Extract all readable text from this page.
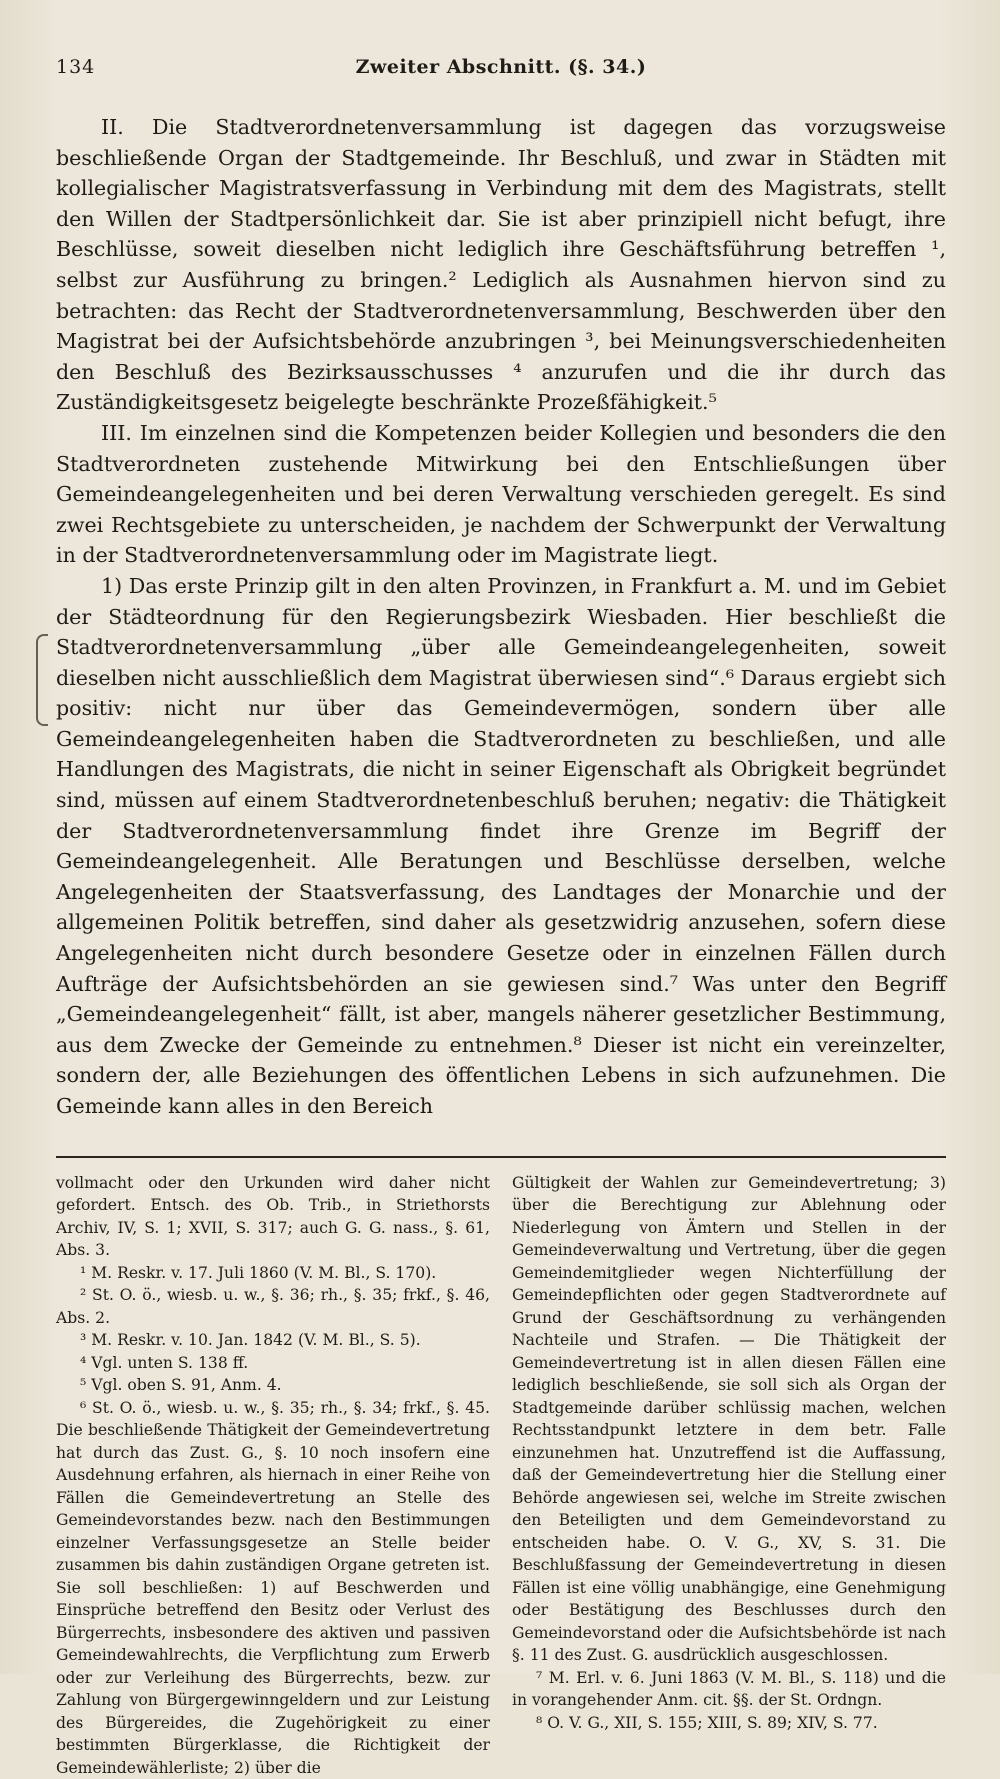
134	Zweiter Abschnitt. (§. 34.)

II. Die Stadtverordnetenversammlung ist dagegen das vorzugsweise beschließende Organ der Stadtgemeinde. Ihr Beschluß, und zwar in Städten mit kollegialischer Magistratsverfassung in Verbindung mit dem des Magistrats, stellt den Willen der Stadtpersönlichkeit dar. Sie ist aber prinzipiell nicht befugt, ihre Beschlüsse, soweit dieselben nicht lediglich ihre Geschäftsführung betreffen ¹, selbst zur Ausführung zu bringen.² Lediglich als Ausnahmen hiervon sind zu betrachten: das Recht der Stadtverordnetenversammlung, Beschwerden über den Magistrat bei der Aufsichtsbehörde anzubringen ³, bei Meinungsverschiedenheiten den Beschluß des Bezirksausschusses ⁴ anzurufen und die ihr durch das Zuständigkeitsgesetz beigelegte beschränkte Prozeßfähigkeit.⁵

III. Im einzelnen sind die Kompetenzen beider Kollegien und besonders die den Stadtverordneten zustehende Mitwirkung bei den Entschließungen über Gemeindeangelegenheiten und bei deren Verwaltung verschieden geregelt. Es sind zwei Rechtsgebiete zu unterscheiden, je nachdem der Schwerpunkt der Verwaltung in der Stadtverordnetenversammlung oder im Magistrate liegt.

1) Das erste Prinzip gilt in den alten Provinzen, in Frankfurt a. M. und im Gebiet der Städteordnung für den Regierungsbezirk Wiesbaden. Hier beschließt die Stadtverordnetenversammlung „über alle Gemeindeangelegenheiten, soweit dieselben nicht ausschließlich dem Magistrat überwiesen sind“.⁶ Daraus ergiebt sich positiv: nicht nur über das Gemeindevermögen, sondern über alle Gemeindeangelegenheiten haben die Stadtverordneten zu beschließen, und alle Handlungen des Magistrats, die nicht in seiner Eigenschaft als Obrigkeit begründet sind, müssen auf einem Stadtverordnetenbeschluß beruhen; negativ: die Thätigkeit der Stadtverordnetenversammlung findet ihre Grenze im Begriff der Gemeindeangelegenheit. Alle Beratungen und Beschlüsse derselben, welche Angelegenheiten der Staatsverfassung, des Landtages der Monarchie und der allgemeinen Politik betreffen, sind daher als gesetzwidrig anzusehen, sofern diese Angelegenheiten nicht durch besondere Gesetze oder in einzelnen Fällen durch Aufträge der Aufsichtsbehörden an sie gewiesen sind.⁷ Was unter den Begriff „Gemeindeangelegenheit“ fällt, ist aber, mangels näherer gesetzlicher Bestimmung, aus dem Zwecke der Gemeinde zu entnehmen.⁸ Dieser ist nicht ein vereinzelter, sondern der, alle Beziehungen des öffentlichen Lebens in sich aufzunehmen. Die Gemeinde kann alles in den Bereich

vollmacht oder den Urkunden wird daher nicht gefordert. Entsch. des Ob. Trib., in Striethorsts Archiv, IV, S. 1; XVII, S. 317; auch G. G. nass., §. 61, Abs. 3.

¹ M. Reskr. v. 17. Juli 1860 (V. M. Bl., S. 170).

² St. O. ö., wiesb. u. w., §. 36; rh., §. 35; frkf., §. 46, Abs. 2.

³ M. Reskr. v. 10. Jan. 1842 (V. M. Bl., S. 5).

⁴ Vgl. unten S. 138 ff.

⁵ Vgl. oben S. 91, Anm. 4.

⁶ St. O. ö., wiesb. u. w., §. 35; rh., §. 34; frkf., §. 45. Die beschließende Thätigkeit der Gemeindevertretung hat durch das Zust. G., §. 10 noch insofern eine Ausdehnung erfahren, als hiernach in einer Reihe von Fällen die Gemeindevertretung an Stelle des Gemeindevorstandes bezw. nach den Bestimmungen einzelner Verfassungsgesetze an Stelle beider zusammen bis dahin zuständigen Organe getreten ist. Sie soll beschließen: 1) auf Beschwerden und Einsprüche betreffend den Besitz oder Verlust des Bürgerrechts, insbesondere des aktiven und passiven Gemeindewahlrechts, die Verpflichtung zum Erwerb oder zur Verleihung des Bürgerrechts, bezw. zur Zahlung von Bürgergewinngeldern und zur Leistung des Bürgereides, die Zugehörigkeit zu einer bestimmten Bürgerklasse, die Richtigkeit der Gemeindewählerliste; 2) über die

Gültigkeit der Wahlen zur Gemeindevertretung; 3) über die Berechtigung zur Ablehnung oder Niederlegung von Ämtern und Stellen in der Gemeindeverwaltung und Vertretung, über die gegen Gemeindemitglieder wegen Nichterfüllung der Gemeindepflichten oder gegen Stadtverordnete auf Grund der Geschäftsordnung zu verhängenden Nachteile und Strafen. — Die Thätigkeit der Gemeindevertretung ist in allen diesen Fällen eine lediglich beschließende, sie soll sich als Organ der Stadtgemeinde darüber schlüssig machen, welchen Rechtsstandpunkt letztere in dem betr. Falle einzunehmen hat. Unzutreffend ist die Auffassung, daß der Gemeindevertretung hier die Stellung einer Behörde angewiesen sei, welche im Streite zwischen den Beteiligten und dem Gemeindevorstand zu entscheiden habe. O. V. G., XV, S. 31. Die Beschlußfassung der Gemeindevertretung in diesen Fällen ist eine völlig unabhängige, eine Genehmigung oder Bestätigung des Beschlusses durch den Gemeindevorstand oder die Aufsichtsbehörde ist nach §. 11 des Zust. G. ausdrücklich ausgeschlossen.

⁷ M. Erl. v. 6. Juni 1863 (V. M. Bl., S. 118) und die in vorangehender Anm. cit. §§. der St. Ordngn.

⁸ O. V. G., XII, S. 155; XIII, S. 89; XIV, S. 77.
